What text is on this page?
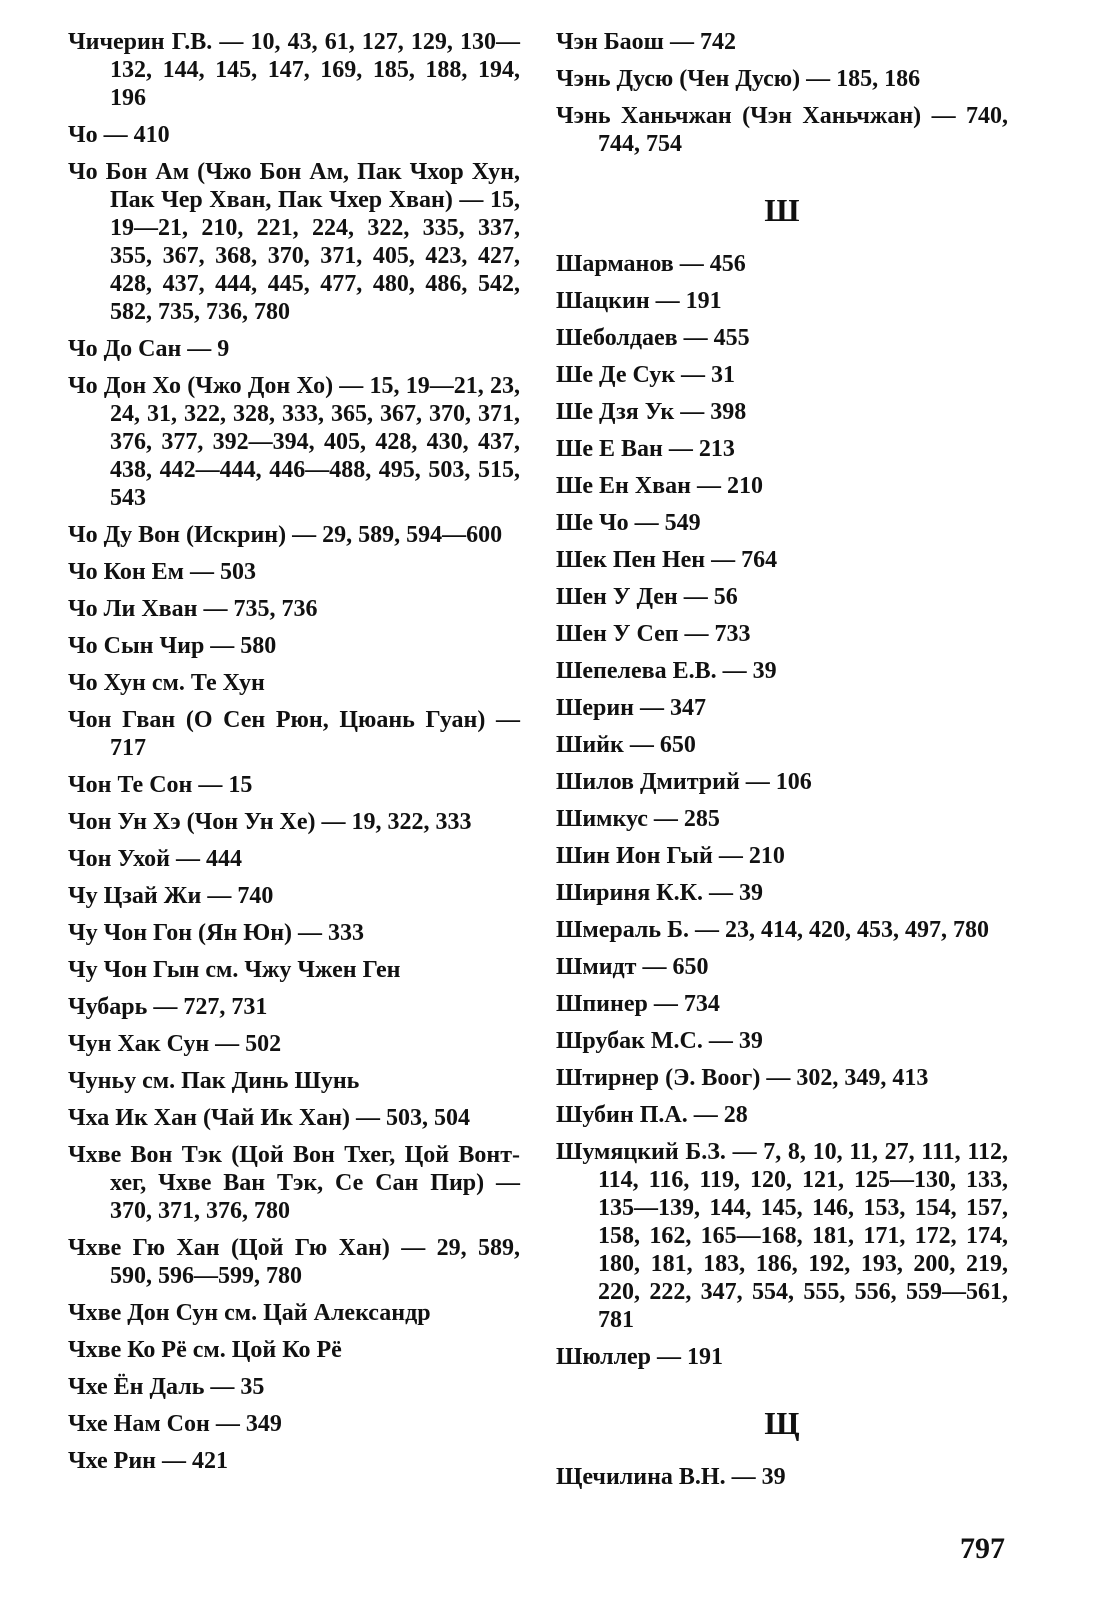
Чичерин Г.В. — 10, 43, 61, 127, 129, 130—132, 144, 145, 147, 169, 185, 188, 194, 196

Чо — 410

Чо Бон Ам (Чжо Бон Ам, Пак Чхор Хун, Пак Чер Хван, Пак Чхер Хван) — 15, 19—21, 210, 221, 224, 322, 335, 337, 355, 367, 368, 370, 371, 405, 423, 427, 428, 437, 444, 445, 477, 480, 486, 542, 582, 735, 736, 780

Чо До Сан — 9

Чо Дон Хо (Чжо Дон Хо) — 15, 19—21, 23, 24, 31, 322, 328, 333, 365, 367, 370, 371, 376, 377, 392—394, 405, 428, 430, 437, 438, 442—444, 446—488, 495, 503, 515, 543

Чо Ду Вон (Искрин) — 29, 589, 594—600

Чо Кон Ем — 503

Чо Ли Хван — 735, 736

Чо Сын Чир — 580

Чо Хун см. Те Хун

Чон Гван (О Сен Рюн, Цюань Гуан) — 717

Чон Те Сон — 15

Чон Ун Хэ (Чон Ун Хе) — 19, 322, 333

Чон Ухой — 444

Чу Цзай Жи — 740

Чу Чон Гон (Ян Юн) — 333

Чу Чон Гын см. Чжу Чжен Ген

Чубарь — 727, 731

Чун Хак Сун — 502

Чуньу см. Пак Динь Шунь

Чха Ик Хан (Чай Ик Хан) — 503, 504

Чхве Вон Тэк (Цой Вон Тхег, Цой Вонт-хег, Чхве Ван Тэк, Се Сан Пир) — 370, 371, 376, 780

Чхве Гю Хан (Цой Гю Хан) — 29, 589, 590, 596—599, 780

Чхве Дон Сун см. Цай Александр

Чхве Ко Рё см. Цой Ко Рё

Чхе Ён Даль — 35

Чхе Нам Сон — 349

Чхе Рин — 421

Чэн Баош — 742

Чэнь Дусю (Чен Дусю) — 185, 186

Чэнь Ханьчжан (Чэн Ханьчжан) — 740, 744, 754

Ш

Шарманов — 456

Шацкин — 191

Шеболдаев — 455

Ше Де Сук — 31

Ше Дзя Ук — 398

Ше Е Ван — 213

Ше Ен Хван — 210

Ше Чо — 549

Шек Пен Нен — 764

Шен У Ден — 56

Шен У Сеп — 733

Шепелева Е.В. — 39

Шерин — 347

Шийк — 650

Шилов Дмитрий — 106

Шимкус — 285

Шин Ион Гый — 210

Шириня К.К. — 39

Шмераль Б. — 23, 414, 420, 453, 497, 780

Шмидт — 650

Шпинер — 734

Шрубак М.С. — 39

Штирнер (Э. Воог) — 302, 349, 413

Шубин П.А. — 28

Шумяцкий Б.З. — 7, 8, 10, 11, 27, 111, 112, 114, 116, 119, 120, 121, 125—130, 133, 135—139, 144, 145, 146, 153, 154, 157, 158, 162, 165—168, 181, 171, 172, 174, 180, 181, 183, 186, 192, 193, 200, 219, 220, 222, 347, 554, 555, 556, 559—561, 781

Шюллер — 191

Щ

Щечилина В.Н. — 39

797
